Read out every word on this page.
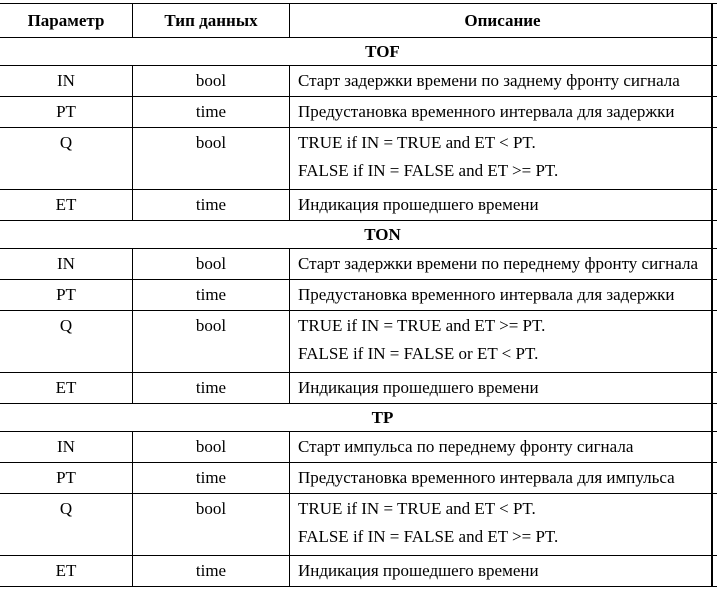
Параметр	Тип данных	Описание
TOF
IN	bool	Старт задержки времени по заднему фронту сигнала
PT	time	Предустановка временного интервала для задержки
Q	bool	TRUE if IN = TRUE and ET < PT.
FALSE if IN = FALSE and ET >= PT.
ET	time	Индикация прошедшего времени
TON
IN	bool	Старт задержки времени по переднему фронту сигнала
PT	time	Предустановка временного интервала для задержки
Q	bool	TRUE if IN = TRUE and ET >= PT.
FALSE if IN = FALSE or ET < PT.
ET	time	Индикация прошедшего времени
TP
IN	bool	Старт импульса по переднему фронту сигнала
PT	time	Предустановка временного интервала для импульса
Q	bool	TRUE if IN = TRUE and ET < PT.
FALSE if IN = FALSE and ET >= PT.
ET	time	Индикация прошедшего времени
